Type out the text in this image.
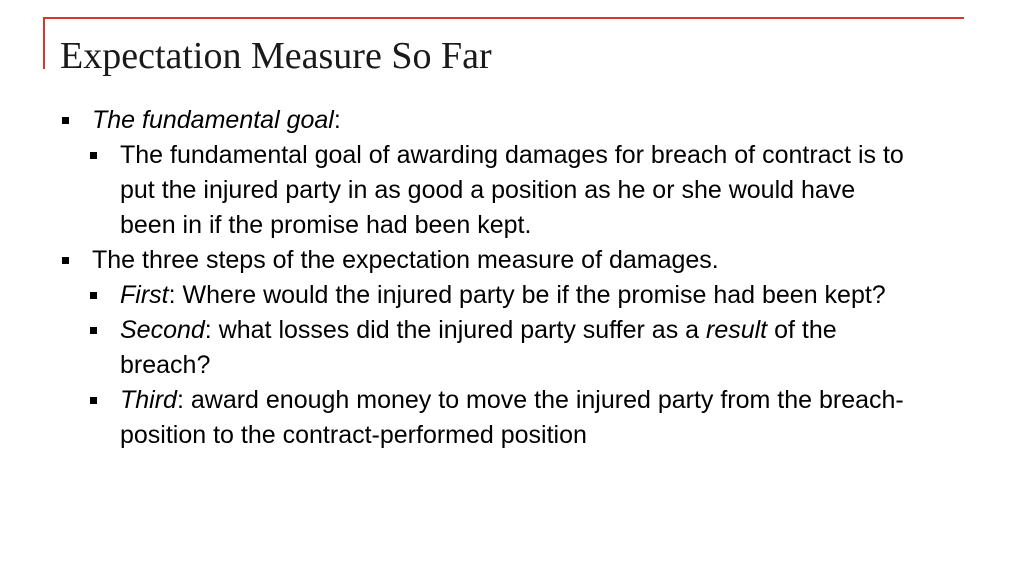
Expectation Measure So Far
The fundamental goal:
The fundamental goal of awarding damages for breach of contract is to put the injured party in as good a position as he or she would have been in if the promise had been kept.
The three steps of the expectation measure of damages.
First: Where would the injured party be if the promise had been kept?
Second: what losses did the injured party suffer as a result of the breach?
Third: award enough money to move the injured party from the breach-position to the contract-performed position
